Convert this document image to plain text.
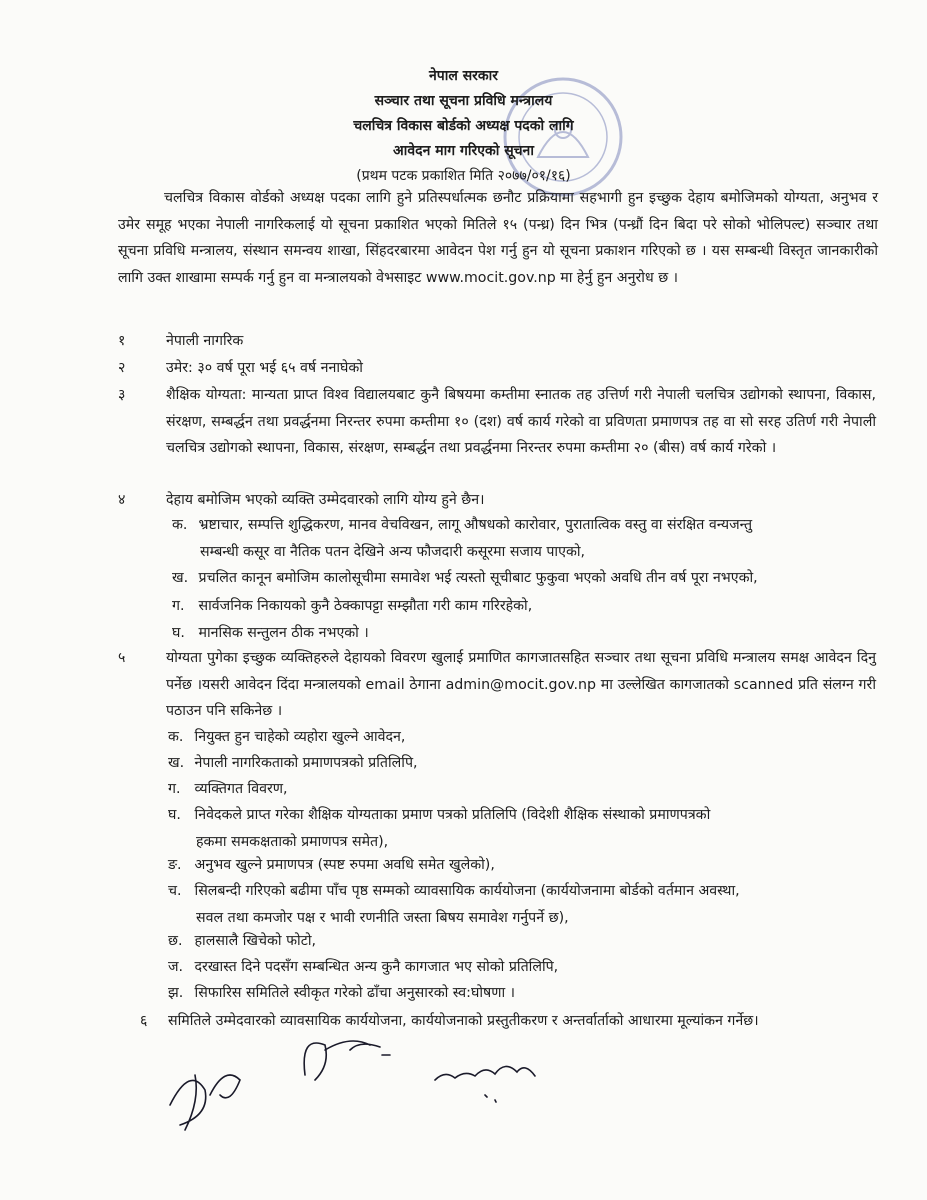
नेपाल सरकार
सञ्चार तथा सूचना प्रविधि मन्त्रालय
चलचित्र विकास बोर्डको अध्यक्ष पदको लागि
आवेदन माग गरिएको सूचना
(प्रथम पटक प्रकाशित मिति २०७७/०१/१६)
चलचित्र विकास वोर्डको अध्यक्ष पदका लागि हुने प्रतिस्पर्धात्मक छनौट प्रक्रियामा सहभागी हुन इच्छुक देहाय बमोजिमको योग्यता, अनुभव र उमेर समूह भएका नेपाली नागरिकलाई यो सूचना प्रकाशित भएको मितिले १५ (पन्ध्र) दिन भित्र (पन्ध्रौं दिन बिदा परे सोको भोलिपल्ट) सञ्चार तथा सूचना प्रविधि मन्त्रालय, संस्थान समन्वय शाखा, सिंहदरबारमा आवेदन पेश गर्नु हुन यो सूचना प्रकाशन गरिएको छ । यस सम्बन्धी विस्तृत जानकारीको लागि उक्त शाखामा सम्पर्क गर्नु हुन वा मन्त्रालयको वेभसाइट www.mocit.gov.np मा हेर्नु हुन अनुरोध छ ।
१	नेपाली नागरिक
२	उमेर: ३० वर्ष पूरा भई ६५ वर्ष ननाघेको
३	शैक्षिक योग्यता: मान्यता प्राप्त विश्व विद्यालयबाट कुनै बिषयमा कम्तीमा स्नातक तह उत्तिर्ण गरी नेपाली चलचित्र उद्योगको स्थापना, विकास, संरक्षण, सम्बर्द्धन तथा प्रवर्द्धनमा निरन्तर रुपमा कम्तीमा १० (दश) वर्ष कार्य गरेको वा प्रविणता प्रमाणपत्र तह वा सो सरह उतिर्ण गरी नेपाली चलचित्र उद्योगको स्थापना, विकास, संरक्षण, सम्बर्द्धन तथा प्रवर्द्धनमा निरन्तर रुपमा कम्तीमा २० (बीस) वर्ष कार्य गरेको ।
४	देहाय बमोजिम भएको व्यक्ति उम्मेदवारको लागि योग्य हुने छैन।
क. भ्रष्टाचार, सम्पत्ति शुद्धिकरण, मानव वेचविखन, लागू औषधको कारोवार, पुरातात्विक वस्तु वा संरक्षित वन्यजन्तु
सम्बन्धी कसूर वा नैतिक पतन देखिने अन्य फौजदारी कसूरमा सजाय पाएको,
ख. प्रचलित कानून बमोजिम कालोसूचीमा समावेश भई त्यस्तो सूचीबाट फुकुवा भएको अवधि तीन वर्ष पूरा नभएको,
ग. सार्वजनिक निकायको कुनै ठेक्कापट्टा सम्झौता गरी काम गरिरहेको,
घ. मानसिक सन्तुलन ठीक नभएको ।
५	योग्यता पुगेका इच्छुक व्यक्तिहरुले देहायको विवरण खुलाई प्रमाणित कागजातसहित सञ्चार तथा सूचना प्रविधि मन्त्रालय समक्ष आवेदन दिनु पर्नेछ ।यसरी आवेदन दिंदा मन्त्रालयको email ठेगाना admin@mocit.gov.np मा उल्लेखित कागजातको scanned प्रति संलग्न गरी पठाउन पनि सकिनेछ ।
क. नियुक्त हुन चाहेको व्यहोरा खुल्ने आवेदन,
ख. नेपाली नागरिकताको प्रमाणपत्रको प्रतिलिपि,
ग. व्यक्तिगत विवरण,
घ. निवेदकले प्राप्त गरेका शैक्षिक योग्यताका प्रमाण पत्रको प्रतिलिपि (विदेशी शैक्षिक संस्थाको प्रमाणपत्रको
हकमा समकक्षताको प्रमाणपत्र समेत),
ङ. अनुभव खुल्ने प्रमाणपत्र (स्पष्ट रुपमा अवधि समेत खुलेको),
च. सिलबन्दी गरिएको बढीमा पाँच पृष्ठ सम्मको व्यावसायिक कार्ययोजना (कार्ययोजनामा बोर्डको वर्तमान अवस्था,
सवल तथा कमजोर पक्ष र भावी रणनीति जस्ता बिषय समावेश गर्नुपर्ने छ),
छ. हालसालै खिचेको फोटो,
ज. दरखास्त दिने पदसँग सम्बन्धित अन्य कुनै कागजात भए सोको प्रतिलिपि,
झ. सिफारिस समितिले स्वीकृत गरेको ढाँचा अनुसारको स्व:घोषणा ।
६	समितिले उम्मेदवारको व्यावसायिक कार्ययोजना, कार्ययोजनाको प्रस्तुतीकरण र अन्तर्वार्ताको आधारमा मूल्यांकन गर्नेछ।
